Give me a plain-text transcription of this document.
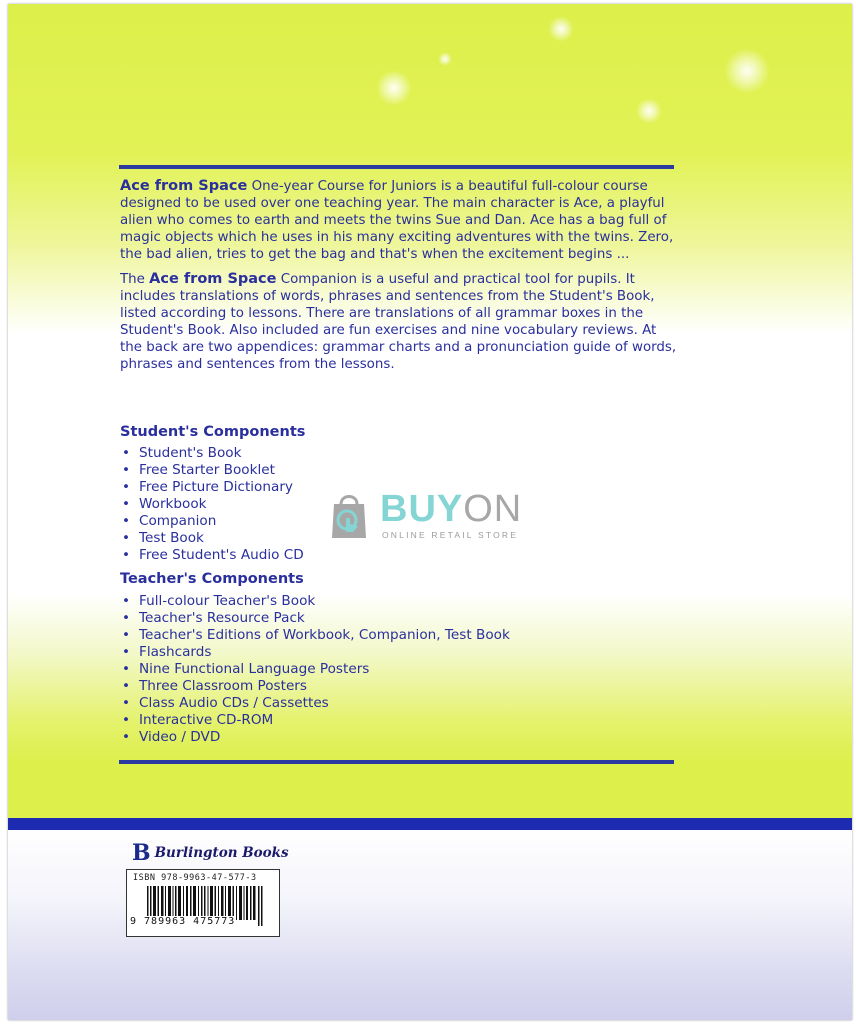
Ace from Space One-year Course for Juniors is a beautiful full-colour course designed to be used over one teaching year. The main character is Ace, a playful alien who comes to earth and meets the twins Sue and Dan. Ace has a bag full of magic objects which he uses in his many exciting adventures with the twins. Zero, the bad alien, tries to get the bag and that's when the excitement begins ...

The Ace from Space Companion is a useful and practical tool for pupils. It includes translations of words, phrases and sentences from the Student's Book, listed according to lessons. There are translations of all grammar boxes in the Student's Book. Also included are fun exercises and nine vocabulary reviews. At the back are two appendices: grammar charts and a pronunciation guide of words, phrases and sentences from the lessons.

Student's Components
• Student's Book
• Free Starter Booklet
• Free Picture Dictionary
• Workbook
• Companion
• Test Book
• Free Student's Audio CD
Teacher's Components
• Full-colour Teacher's Book
• Teacher's Resource Pack
• Teacher's Editions of Workbook, Companion, Test Book
• Flashcards
• Nine Functional Language Posters
• Three Classroom Posters
• Class Audio CDs / Cassettes
• Interactive CD-ROM
• Video / DVD
B Burlington Books
ISBN 978-9963-47-577-3
9 789963 475773
BUYON
ONLINE RETAIL STORE
